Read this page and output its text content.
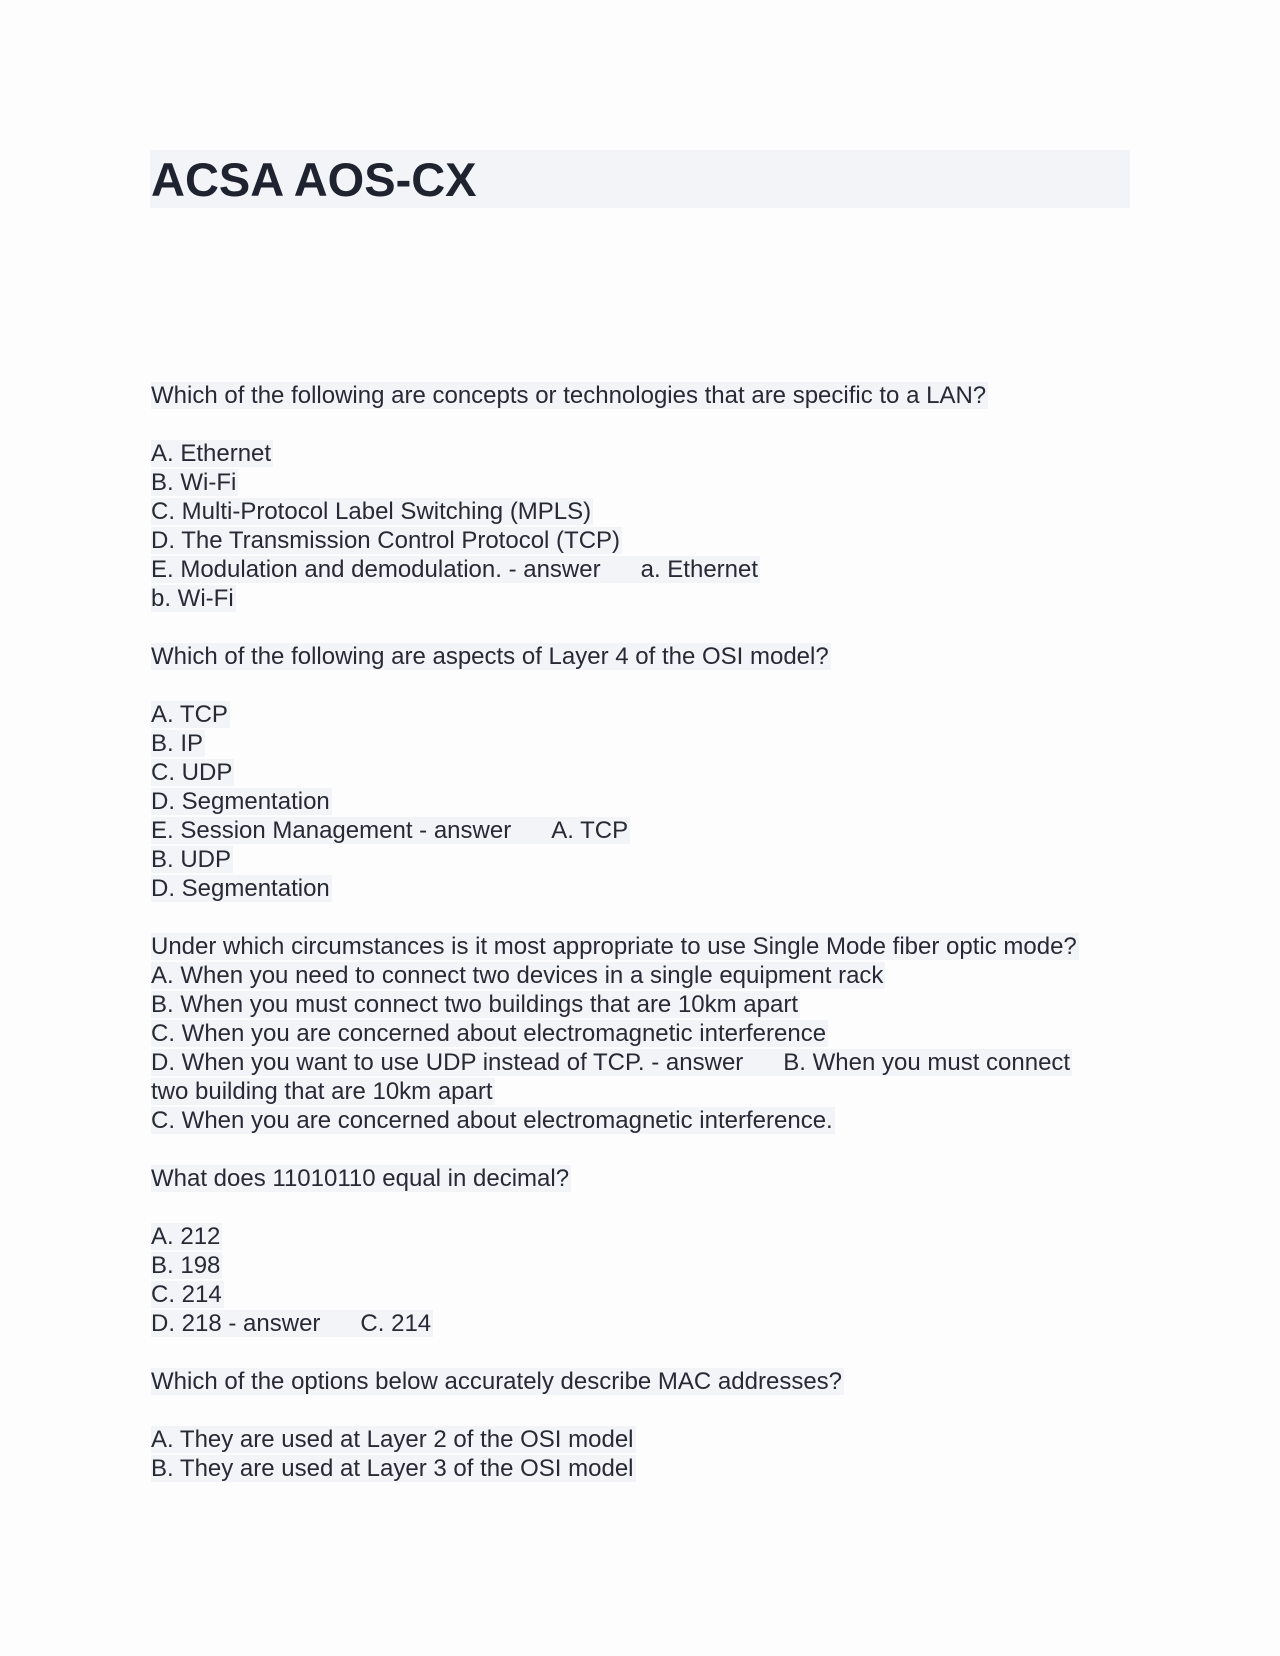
ACSA AOS-CX
Which of the following are concepts or technologies that are specific to a LAN?
A. Ethernet
B. Wi-Fi
C. Multi-Protocol Label Switching (MPLS)
D. The Transmission Control Protocol (TCP)
E. Modulation and demodulation. - answer a. Ethernet
b. Wi-Fi
Which of the following are aspects of Layer 4 of the OSI model?
A. TCP
B. IP
C. UDP
D. Segmentation
E. Session Management - answer A. TCP
B. UDP
D. Segmentation
Under which circumstances is it most appropriate to use Single Mode fiber optic mode?
A. When you need to connect two devices in a single equipment rack
B. When you must connect two buildings that are 10km apart
C. When you are concerned about electromagnetic interference
D. When you want to use UDP instead of TCP. - answer B. When you must connect
two building that are 10km apart
C. When you are concerned about electromagnetic interference.
What does 11010110 equal in decimal?
A. 212
B. 198
C. 214
D. 218 - answer C. 214
Which of the options below accurately describe MAC addresses?
A. They are used at Layer 2 of the OSI model
B. They are used at Layer 3 of the OSI model
